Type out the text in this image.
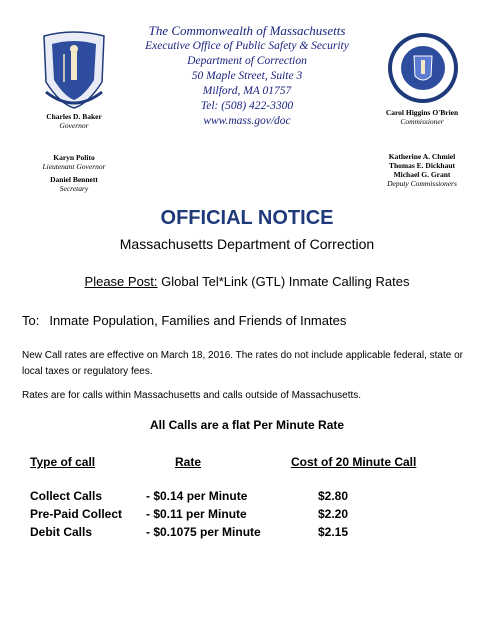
The Commonwealth of Massachusetts
Executive Office of Public Safety & Security
Department of Correction
50 Maple Street, Suite 3
Milford, MA 01757
Tel: (508) 422-3300
www.mass.gov/doc
Charles D. Baker
Governor
Karyn Polito
Lieutenant Governor
Daniel Bennett
Secretary
Carol Higgins O'Brien
Commissioner
Katherine A. Chmiel
Thomas E. Dickhaut
Michael G. Grant
Deputy Commissioners
OFFICIAL NOTICE
Massachusetts Department of Correction
Please Post: Global Tel*Link (GTL) Inmate Calling Rates
To: Inmate Population, Families and Friends of Inmates
New Call rates are effective on March 18, 2016. The rates do not include applicable federal, state or local taxes or regulatory fees.
Rates are for calls within Massachusetts and calls outside of Massachusetts.
All Calls are a flat Per Minute Rate
Type of call	Rate	Cost of 20 Minute Call
Collect Calls	- $0.14 per Minute	$2.80
Pre-Paid Collect - $0.11 per Minute	$2.20
Debit Calls	- $0.1075 per Minute	$2.15
